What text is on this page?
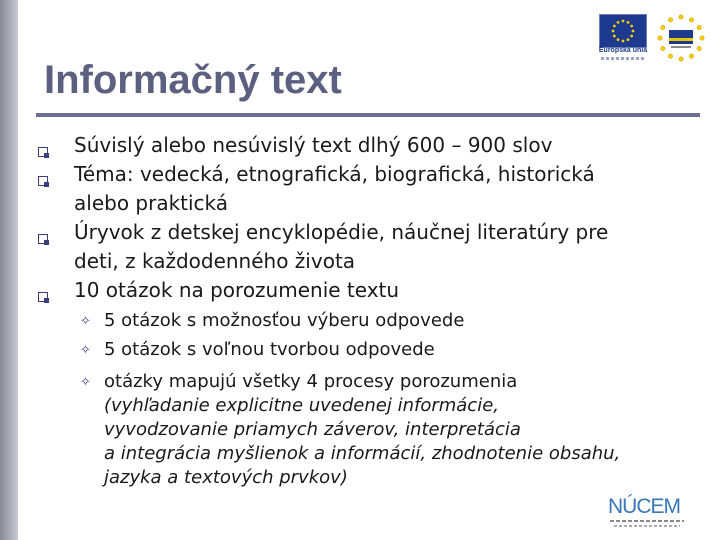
Európska únia
Informačný text
Súvislý alebo nesúvislý text dlhý 600 – 900 slov
Téma: vedecká, etnografická, biografická, historická
alebo praktická
Úryvok z detskej encyklopédie, náučnej literatúry pre
deti, z každodenného života
10 otázok na porozumenie textu
✧ 5 otázok s možnosťou výberu odpovede
✧ 5 otázok s voľnou tvorbou odpovede
✧ otázky mapujú všetky 4 procesy porozumenia
(vyhľadanie explicitne uvedenej informácie,
vyvodzovanie priamych záverov, interpretácia
a integrácia myšlienok a informácií, zhodnotenie obsahu,
jazyka a textových prvkov)
NÚCEM
